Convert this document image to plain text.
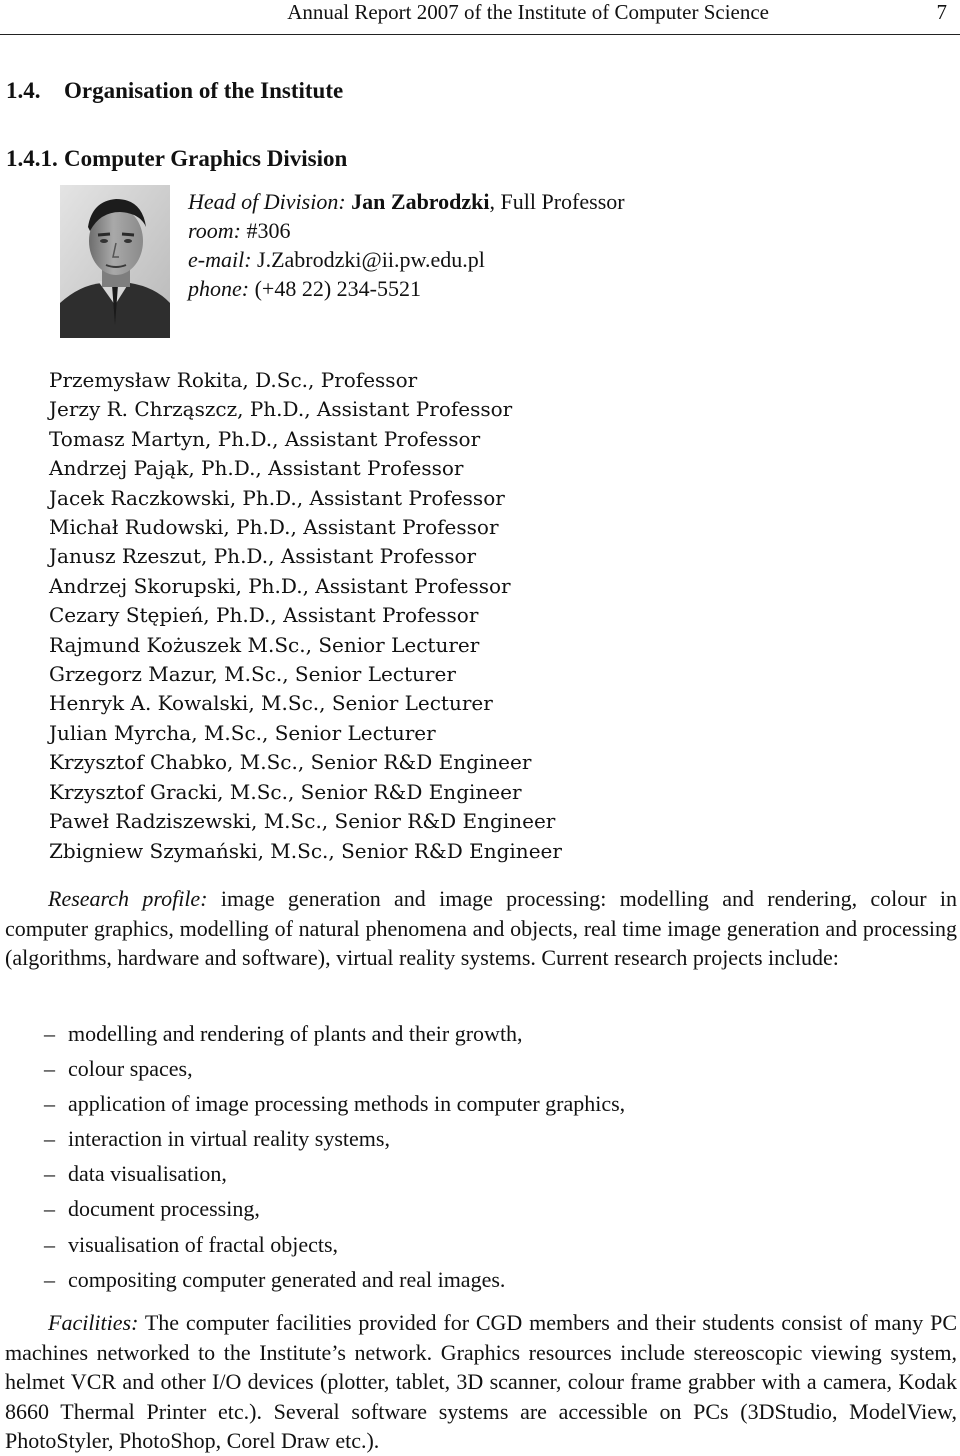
Annual Report 2007 of the Institute of Computer Science	7
1.4. Organisation of the Institute
1.4.1. Computer Graphics Division
Head of Division: Jan Zabrodzki, Full Professor
room: #306
e-mail: J.Zabrodzki@ii.pw.edu.pl
phone: (+48 22) 234-5521
Przemysław Rokita, D.Sc., Professor
Jerzy R. Chrząszcz, Ph.D., Assistant Professor
Tomasz Martyn, Ph.D., Assistant Professor
Andrzej Pająk, Ph.D., Assistant Professor
Jacek Raczkowski, Ph.D., Assistant Professor
Michał Rudowski, Ph.D., Assistant Professor
Janusz Rzeszut, Ph.D., Assistant Professor
Andrzej Skorupski, Ph.D., Assistant Professor
Cezary Stępień, Ph.D., Assistant Professor
Rajmund Kożuszek M.Sc., Senior Lecturer
Grzegorz Mazur, M.Sc., Senior Lecturer
Henryk A. Kowalski, M.Sc., Senior Lecturer
Julian Myrcha, M.Sc., Senior Lecturer
Krzysztof Chabko, M.Sc., Senior R&D Engineer
Krzysztof Gracki, M.Sc., Senior R&D Engineer
Paweł Radziszewski, M.Sc., Senior R&D Engineer
Zbigniew Szymański, M.Sc., Senior R&D Engineer

Research profile: image generation and image processing: modelling and rendering, colour in computer graphics, modelling of natural phenomena and objects, real time image generation and processing (algorithms, hardware and software), virtual reality systems. Current research projects include:

– modelling and rendering of plants and their growth,
– colour spaces,
– application of image processing methods in computer graphics,
– interaction in virtual reality systems,
– data visualisation,
– document processing,
– visualisation of fractal objects,
– compositing computer generated and real images.

Facilities: The computer facilities provided for CGD members and their students consist of many PC machines networked to the Institute’s network. Graphics resources include stereoscopic viewing system, helmet VCR and other I/O devices (plotter, tablet, 3D scanner, colour frame grabber with a camera, Kodak 8660 Thermal Printer etc.). Several software systems are accessible on PCs (3DStudio, ModelView, PhotoStyler, PhotoShop, Corel Draw etc.).
